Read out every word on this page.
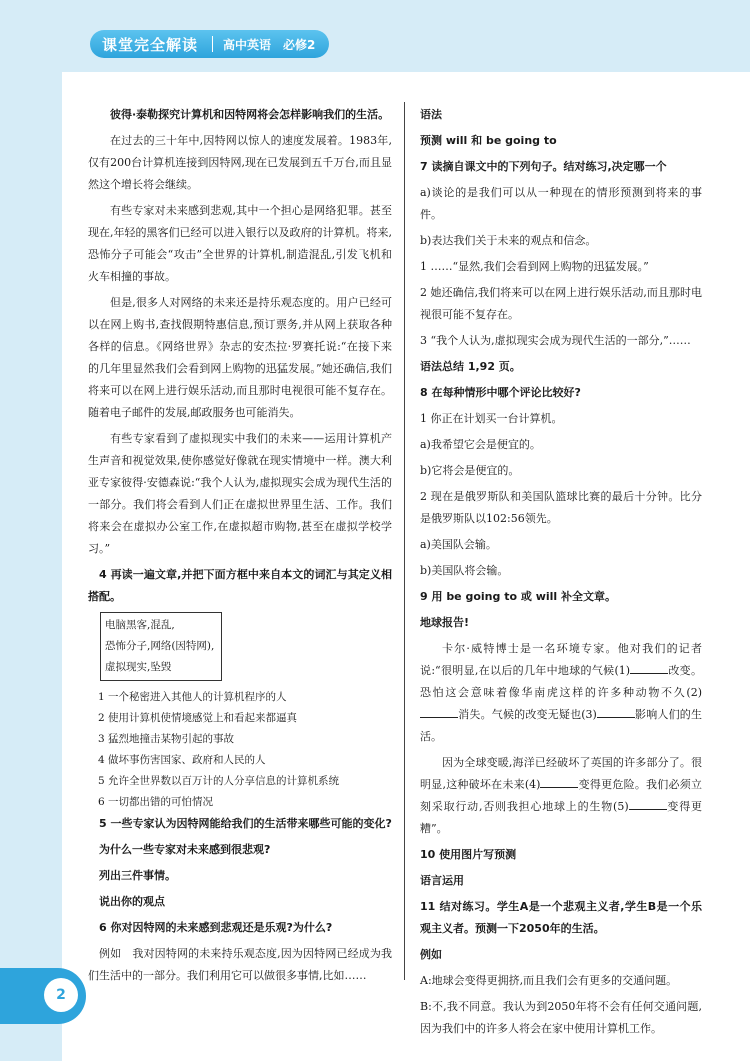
课堂完全解读	高中英语　必修2
2

彼得·泰勒探究计算机和因特网将会怎样影响我们的生活。

在过去的三十年中,因特网以惊人的速度发展着。1983年,仅有200台计算机连接到因特网,现在已发展到五千万台,而且显然这个增长将会继续。

有些专家对未来感到悲观,其中一个担心是网络犯罪。甚至现在,年轻的黑客们已经可以进入银行以及政府的计算机。将来,恐怖分子可能会“攻击”全世界的计算机,制造混乱,引发飞机和火车相撞的事故。

但是,很多人对网络的未来还是持乐观态度的。用户已经可以在网上购书,查找假期特惠信息,预订票务,并从网上获取各种各样的信息。《网络世界》杂志的安杰拉·罗赛托说:“在接下来的几年里显然我们会看到网上购物的迅猛发展。”她还确信,我们将来可以在网上进行娱乐活动,而且那时电视很可能不复存在。随着电子邮件的发展,邮政服务也可能消失。

有些专家看到了虚拟现实中我们的未来——运用计算机产生声音和视觉效果,使你感觉好像就在现实情境中一样。澳大利亚专家彼得·安德森说:“我个人认为,虚拟现实会成为现代生活的一部分。我们将会看到人们正在虚拟世界里生活、工作。我们将来会在虚拟办公室工作,在虚拟超市购物,甚至在虚拟学校学习。”

4 再读一遍文章,并把下面方框中来自本文的词汇与其定义相搭配。

电脑黑客,混乱,
恐怖分子,网络(因特网),
虚拟现实,坠毁

1 一个秘密进入其他人的计算机程序的人

2 使用计算机使情境感觉上和看起来都逼真

3 猛烈地撞击某物引起的事故

4 做坏事伤害国家、政府和人民的人

5 允许全世界数以百万计的人分享信息的计算机系统

6 一切都出错的可怕情况

5 一些专家认为因特网能给我们的生活带来哪些可能的变化?

为什么一些专家对未来感到很悲观?

列出三件事情。

说出你的观点

6 你对因特网的未来感到悲观还是乐观?为什么?

例如　我对因特网的未来持乐观态度,因为因特网已经成为我们生活中的一部分。我们利用它可以做很多事情,比如……

语法

预测 will 和 be going to

7 读摘自课文中的下列句子。结对练习,决定哪一个

a)谈论的是我们可以从一种现在的情形预测到将来的事件。

b)表达我们关于未来的观点和信念。

1 ……“显然,我们会看到网上购物的迅猛发展。”

2 她还确信,我们将来可以在网上进行娱乐活动,而且那时电视很可能不复存在。

3 “我个人认为,虚拟现实会成为现代生活的一部分,”……

语法总结 1,92 页。

8 在每种情形中哪个评论比较好?

1 你正在计划买一台计算机。

a)我希望它会是便宜的。

b)它将会是便宜的。

2 现在是俄罗斯队和美国队篮球比赛的最后十分钟。比分是俄罗斯队以102:56领先。

a)美国队会输。

b)美国队将会输。

9 用 be going to 或 will 补全文章。

地球报告!

卡尔·威特博士是一名环境专家。他对我们的记者说:“很明显,在以后的几年中地球的气候(1)	改变。恐怕这会意味着像华南虎这样的许多种动物不久(2)消失。气候的改变无疑也(3)	影响人们的生活。

因为全球变暖,海洋已经破坏了英国的许多部分了。很明显,这种破坏在未来(4)	变得更危险。我们必须立刻采取行动,否则我担心地球上的生物(5)	变得更糟”。

10 使用图片写预测

语言运用

11 结对练习。学生A是一个悲观主义者,学生B是一个乐观主义者。预测一下2050年的生活。

例如

A:地球会变得更拥挤,而且我们会有更多的交通问题。

B:不,我不同意。我认为到2050年将不会有任何交通问题,因为我们中的许多人将会在家中使用计算机工作。
